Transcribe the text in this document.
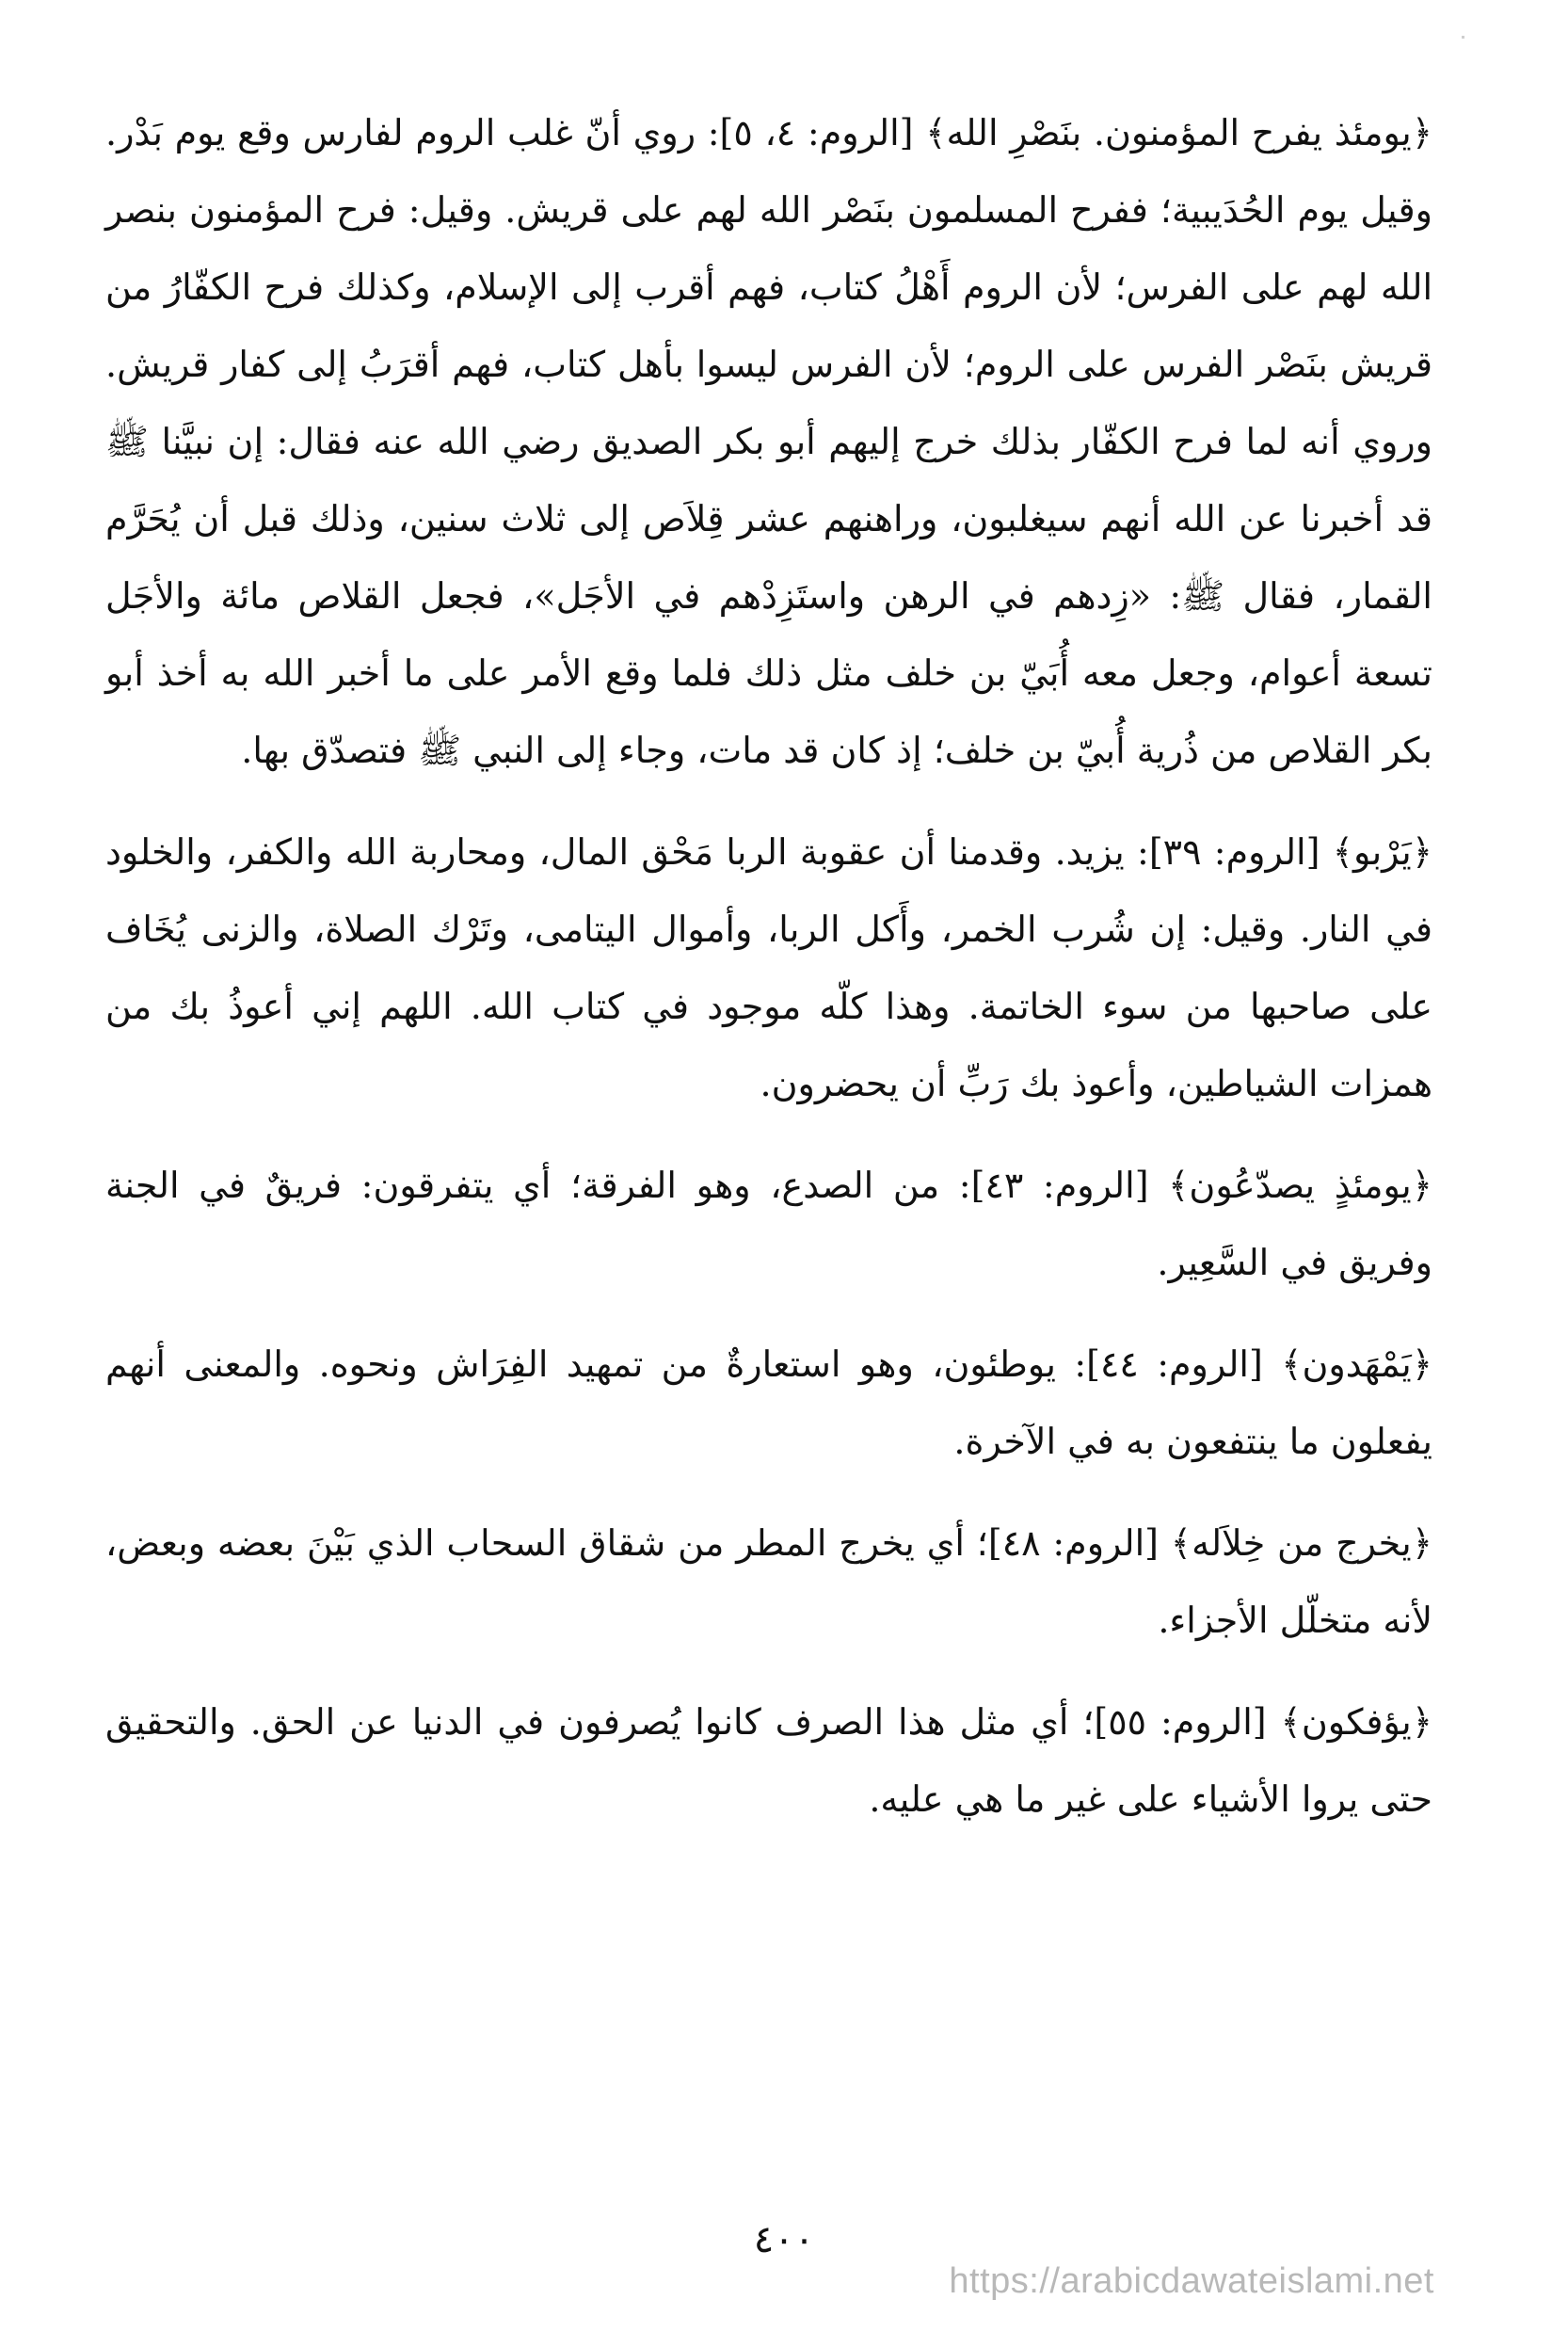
﴿يومئذ يفرح المؤمنون. بنَصْرِ الله﴾ [الروم: ٤، ٥]: روي أنّ غلب الروم لفارس وقع يوم بَدْر. وقيل يوم الحُدَيبية؛ ففرح المسلمون بنَصْر الله لهم على قريش. وقيل: فرح المؤمنون بنصر الله لهم على الفرس؛ لأن الروم أَهْلُ كتاب، فهم أقرب إلى الإسلام، وكذلك فرح الكفّارُ من قريش بنَصْر الفرس على الروم؛ لأن الفرس ليسوا بأهل كتاب، فهم أقرَبُ إلى كفار قريش. وروي أنه لما فرح الكفّار بذلك خرج إليهم أبو بكر الصديق رضي الله عنه فقال: إن نبيَّنا ﷺ قد أخبرنا عن الله أنهم سيغلبون، وراهنهم عشر قِلاَص إلى ثلاث سنين، وذلك قبل أن يُحَرَّم القمار، فقال ﷺ: «زِدهم في الرهن واستَزِدْهم في الأجَل»، فجعل القلاص مائة والأجَل تسعة أعوام، وجعل معه أُبَيّ بن خلف مثل ذلك فلما وقع الأمر على ما أخبر الله به أخذ أبو بكر القلاص من ذُرية أُبيّ بن خلف؛ إذ كان قد مات، وجاء إلى النبي ﷺ فتصدّق بها.

﴿يَرْبو﴾ [الروم: ٣٩]: يزيد. وقدمنا أن عقوبة الربا مَحْق المال، ومحاربة الله والكفر، والخلود في النار. وقيل: إن شُرب الخمر، وأَكل الربا، وأموال اليتامى، وتَرْك الصلاة، والزنى يُخَاف على صاحبها من سوء الخاتمة. وهذا كلّه موجود في كتاب الله. اللهم إني أعوذُ بك من همزات الشياطين، وأعوذ بك رَبِّ أن يحضرون.

﴿يومئذٍ يصدّعُون﴾ [الروم: ٤٣]: من الصدع، وهو الفرقة؛ أي يتفرقون: فريقٌ في الجنة وفريق في السَّعِير.

﴿يَمْهَدون﴾ [الروم: ٤٤]: يوطئون، وهو استعارةٌ من تمهيد الفِرَاش ونحوه. والمعنى أنهم يفعلون ما ينتفعون به في الآخرة.

﴿يخرج من خِلاَله﴾ [الروم: ٤٨]؛ أي يخرج المطر من شقاق السحاب الذي بَيْنَ بعضه وبعض، لأنه متخلّل الأجزاء.

﴿يؤفكون﴾ [الروم: ٥٥]؛ أي مثل هذا الصرف كانوا يُصرفون في الدنيا عن الحق. والتحقيق حتى يروا الأشياء على غير ما هي عليه.

٤٠٠
https://arabicdawateislami.net
